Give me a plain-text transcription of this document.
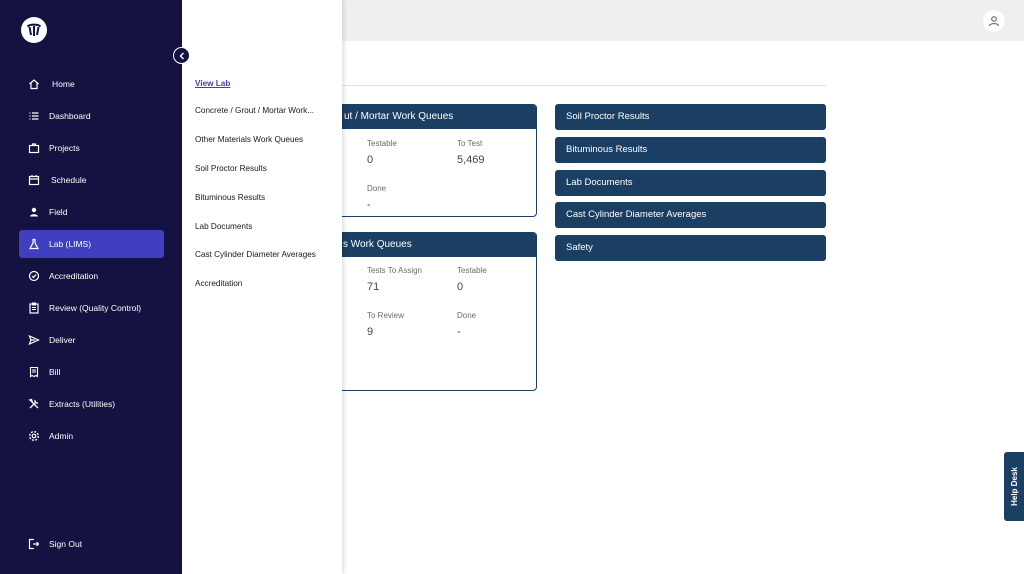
ut / Mortar Work Queues
Testable
0
To Test
5,469
Done
-
s Work Queues
Tests To Assign
71
Testable
0
To Review
9
Done
-
Soil Proctor Results
Bituminous Results
Lab Documents
Cast Cylinder Diameter Averages
Safety
Home
Dashboard
Projects
Schedule
Field
Lab (LIMS)
Accreditation
Review (Quality Control)
Deliver
Bill
Extracts (Utilities)
Admin
Sign Out
View Lab
Concrete / Grout / Mortar Work...
Other Materials Work Queues
Soil Proctor Results
Bituminous Results
Lab Documents
Cast Cylinder Diameter Averages
Accreditation
Help Desk
